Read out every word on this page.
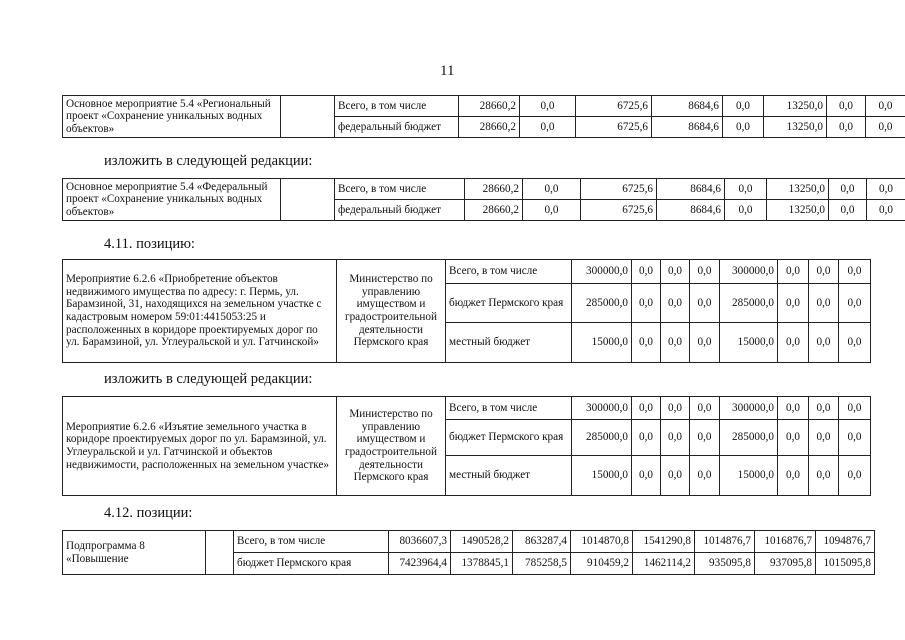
11
Основное мероприятие 5.4 «Региональный проект «Сохранение уникальных водных объектов»		Всего, в том числе	28660,2	0,0	6725,6	8684,6	0,0	13250,0	0,0	0,0
		федеральный бюджет	28660,2	0,0	6725,6	8684,6	0,0	13250,0	0,0	0,0
изложить в следующей редакции:
Основное мероприятие 5.4 «Федеральный проект «Сохранение уникальных водных объектов»		Всего, в том числе	28660,2	0,0	6725,6	8684,6	0,0	13250,0	0,0	0,0
		федеральный бюджет	28660,2	0,0	6725,6	8684,6	0,0	13250,0	0,0	0,0
4.11. позицию:
Мероприятие 6.2.6 «Приобретение объектов недвижимого имущества по адресу: г. Пермь, ул. Барамзиной, 31, находящихся на земельном участке с кадастровым номером 59:01:4415053:25 и расположенных в коридоре проектируемых дорог по ул. Барамзиной, ул. Углеуральской и ул. Гатчинской»	Министерство по управлению имуществом и градостроительной деятельности Пермского края	Всего, в том числе	300000,0	0,0	0,0	0,0	300000,0	0,0	0,0	0,0
		бюджет Пермского края	285000,0	0,0	0,0	0,0	285000,0	0,0	0,0	0,0
		местный бюджет	15000,0	0,0	0,0	0,0	15000,0	0,0	0,0	0,0
изложить в следующей редакции:
Мероприятие 6.2.6 «Изъятие земельного участка в коридоре проектируемых дорог по ул. Барамзиной, ул. Углеуральской и ул. Гатчинской и объектов недвижимости, расположенных на земельном участке»	Министерство по управлению имуществом и градостроительной деятельности Пермского края	Всего, в том числе	300000,0	0,0	0,0	0,0	300000,0	0,0	0,0	0,0
		бюджет Пермского края	285000,0	0,0	0,0	0,0	285000,0	0,0	0,0	0,0
		местный бюджет	15000,0	0,0	0,0	0,0	15000,0	0,0	0,0	0,0
4.12. позиции:
Подпрограмма 8 «Повышение		Всего, в том числе	8036607,3	1490528,2	863287,4	1014870,8	1541290,8	1014876,7	1016876,7	1094876,7
		бюджет Пермского края	7423964,4	1378845,1	785258,5	910459,2	1462114,2	935095,8	937095,8	1015095,8
